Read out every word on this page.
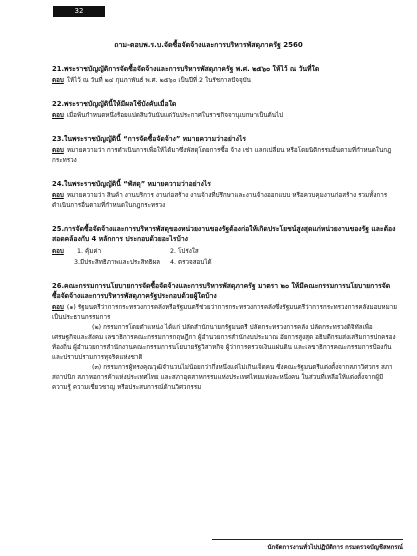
32
ถาม-ตอบพ.ร.บ.จัดซื้อจัดจ้างและการบริหารพัสดุภาครัฐ 2560
21.พระราชบัญญัติการจัดซื้อจัดจ้างและการบริหารพัสดุภาครัฐ พ.ศ. ๒๕๖๐ ให้ไว้ ณ วันที่ใด
ตอบ ให้ไว้ ณ วันที่ ๒๔ กุมภาพันธ์ พ.ศ. ๒๕๖๐ เป็นปีที่ 2 ในรัชกาลปัจจุบัน
22.พระราชบัญญัตินี้ให้มีผลใช้บังคับเมื่อใด
ตอบ เมื่อพ้นกำหนดหนึ่งร้อยแปดสิบวันนับแต่วันประกาศในราชกิจจานุเบกษาเป็นต้นไป
23.ในพระราชบัญญัตินี้ “การจัดซื้อจัดจ้าง” หมายความว่าอย่างไร
ตอบ หมายความว่า การดำเนินการเพื่อให้ได้มาซึ่งพัสดุโดยการซื้อ จ้าง เช่า แลกเปลี่ยน หรือโดยนิติกรรมอื่นตามที่กำหนดในกฎกระทรวง
24.ในพระราชบัญญัตินี้ “พัสดุ” หมายความว่าอย่างไร
ตอบ หมายความว่า สินค้า งานบริการ งานก่อสร้าง งานจ้างที่ปรึกษาและงานจ้างออกแบบ หรือควบคุมงานก่อสร้าง รวมทั้งการดำเนินการอื่นตามที่กำหนดในกฎกระทรวง
25.การจัดซื้อจัดจ้างและการบริหารพัสดุของหน่วยงานของรัฐต้องก่อให้เกิดประโยชน์สูงสุดแก่หน่วยงานของรัฐ และต้องสอดคล้องกับ 4 หลักการ ประกอบด้วยอะไรบ้าง
ตอบ 1. คุ้มค่า	2. โปร่งใส
3.มีประสิทธิภาพและประสิทธิผล	4. ตรวจสอบได้
26.คณะกรรมการนโยบายการจัดซื้อจัดจ้างและการบริหารพัสดุภาครัฐ มาตรา ๒๐ ให้มีคณะกรรมการนโยบายการจัดซื้อจัดจ้างและการบริหารพัสดุภาครัฐประกอบด้วยผู้ใดบ้าง
ตอบ (๑) รัฐมนตรีว่าการกระทรวงการคลังหรือรัฐมนตรีช่วยว่าการกระทรวงการคลังซึ่งรัฐมนตรีว่าการกระทรวงการคลังมอบหมาย เป็นประธานกรรมการ
(๒) กรรมการโดยตำแหน่ง ได้แก่ ปลัดสำนักนายกรัฐมนตรี ปลัดกระทรวงการคลัง ปลัดกระทรวงดิจิทัลเพื่อเศรษฐกิจและสังคม เลขาธิการคณะกรรมการกฤษฎีกา ผู้อำนวยการสำนักงบประมาณ อัยการสูงสุด อธิบดีกรมส่งเสริมการปกครองท้องถิ่น ผู้อำนวยการสำนักงานคณะกรรมการนโยบายรัฐวิสาหกิจ ผู้ว่าการตรวจเงินแผ่นดิน และเลขาธิการคณะกรรมการป้องกันและปราบปรามการทุจริตแห่งชาติ
(๓) กรรมการผู้ทรงคุณวุฒิจำนวนไม่น้อยกว่ากึ่งหนึ่งแต่ไม่เกินเจ็ดคน ซึ่งคณะรัฐมนตรีแต่งตั้งจากสภาวิศวกร สภาสถาปนิก สภาหอการค้าแห่งประเทศไทย และสภาอุตสาหกรรมแห่งประเทศไทยแห่งละหนึ่งคน ในส่วนที่เหลือให้แต่งตั้งจากผู้มีความรู้ ความเชี่ยวชาญ หรือประสบการณ์ด้านวิศวกรรม
นักจัดการงานทั่วไปปฏิบัติการ กรมตรวจบัญชีสหกรณ์
